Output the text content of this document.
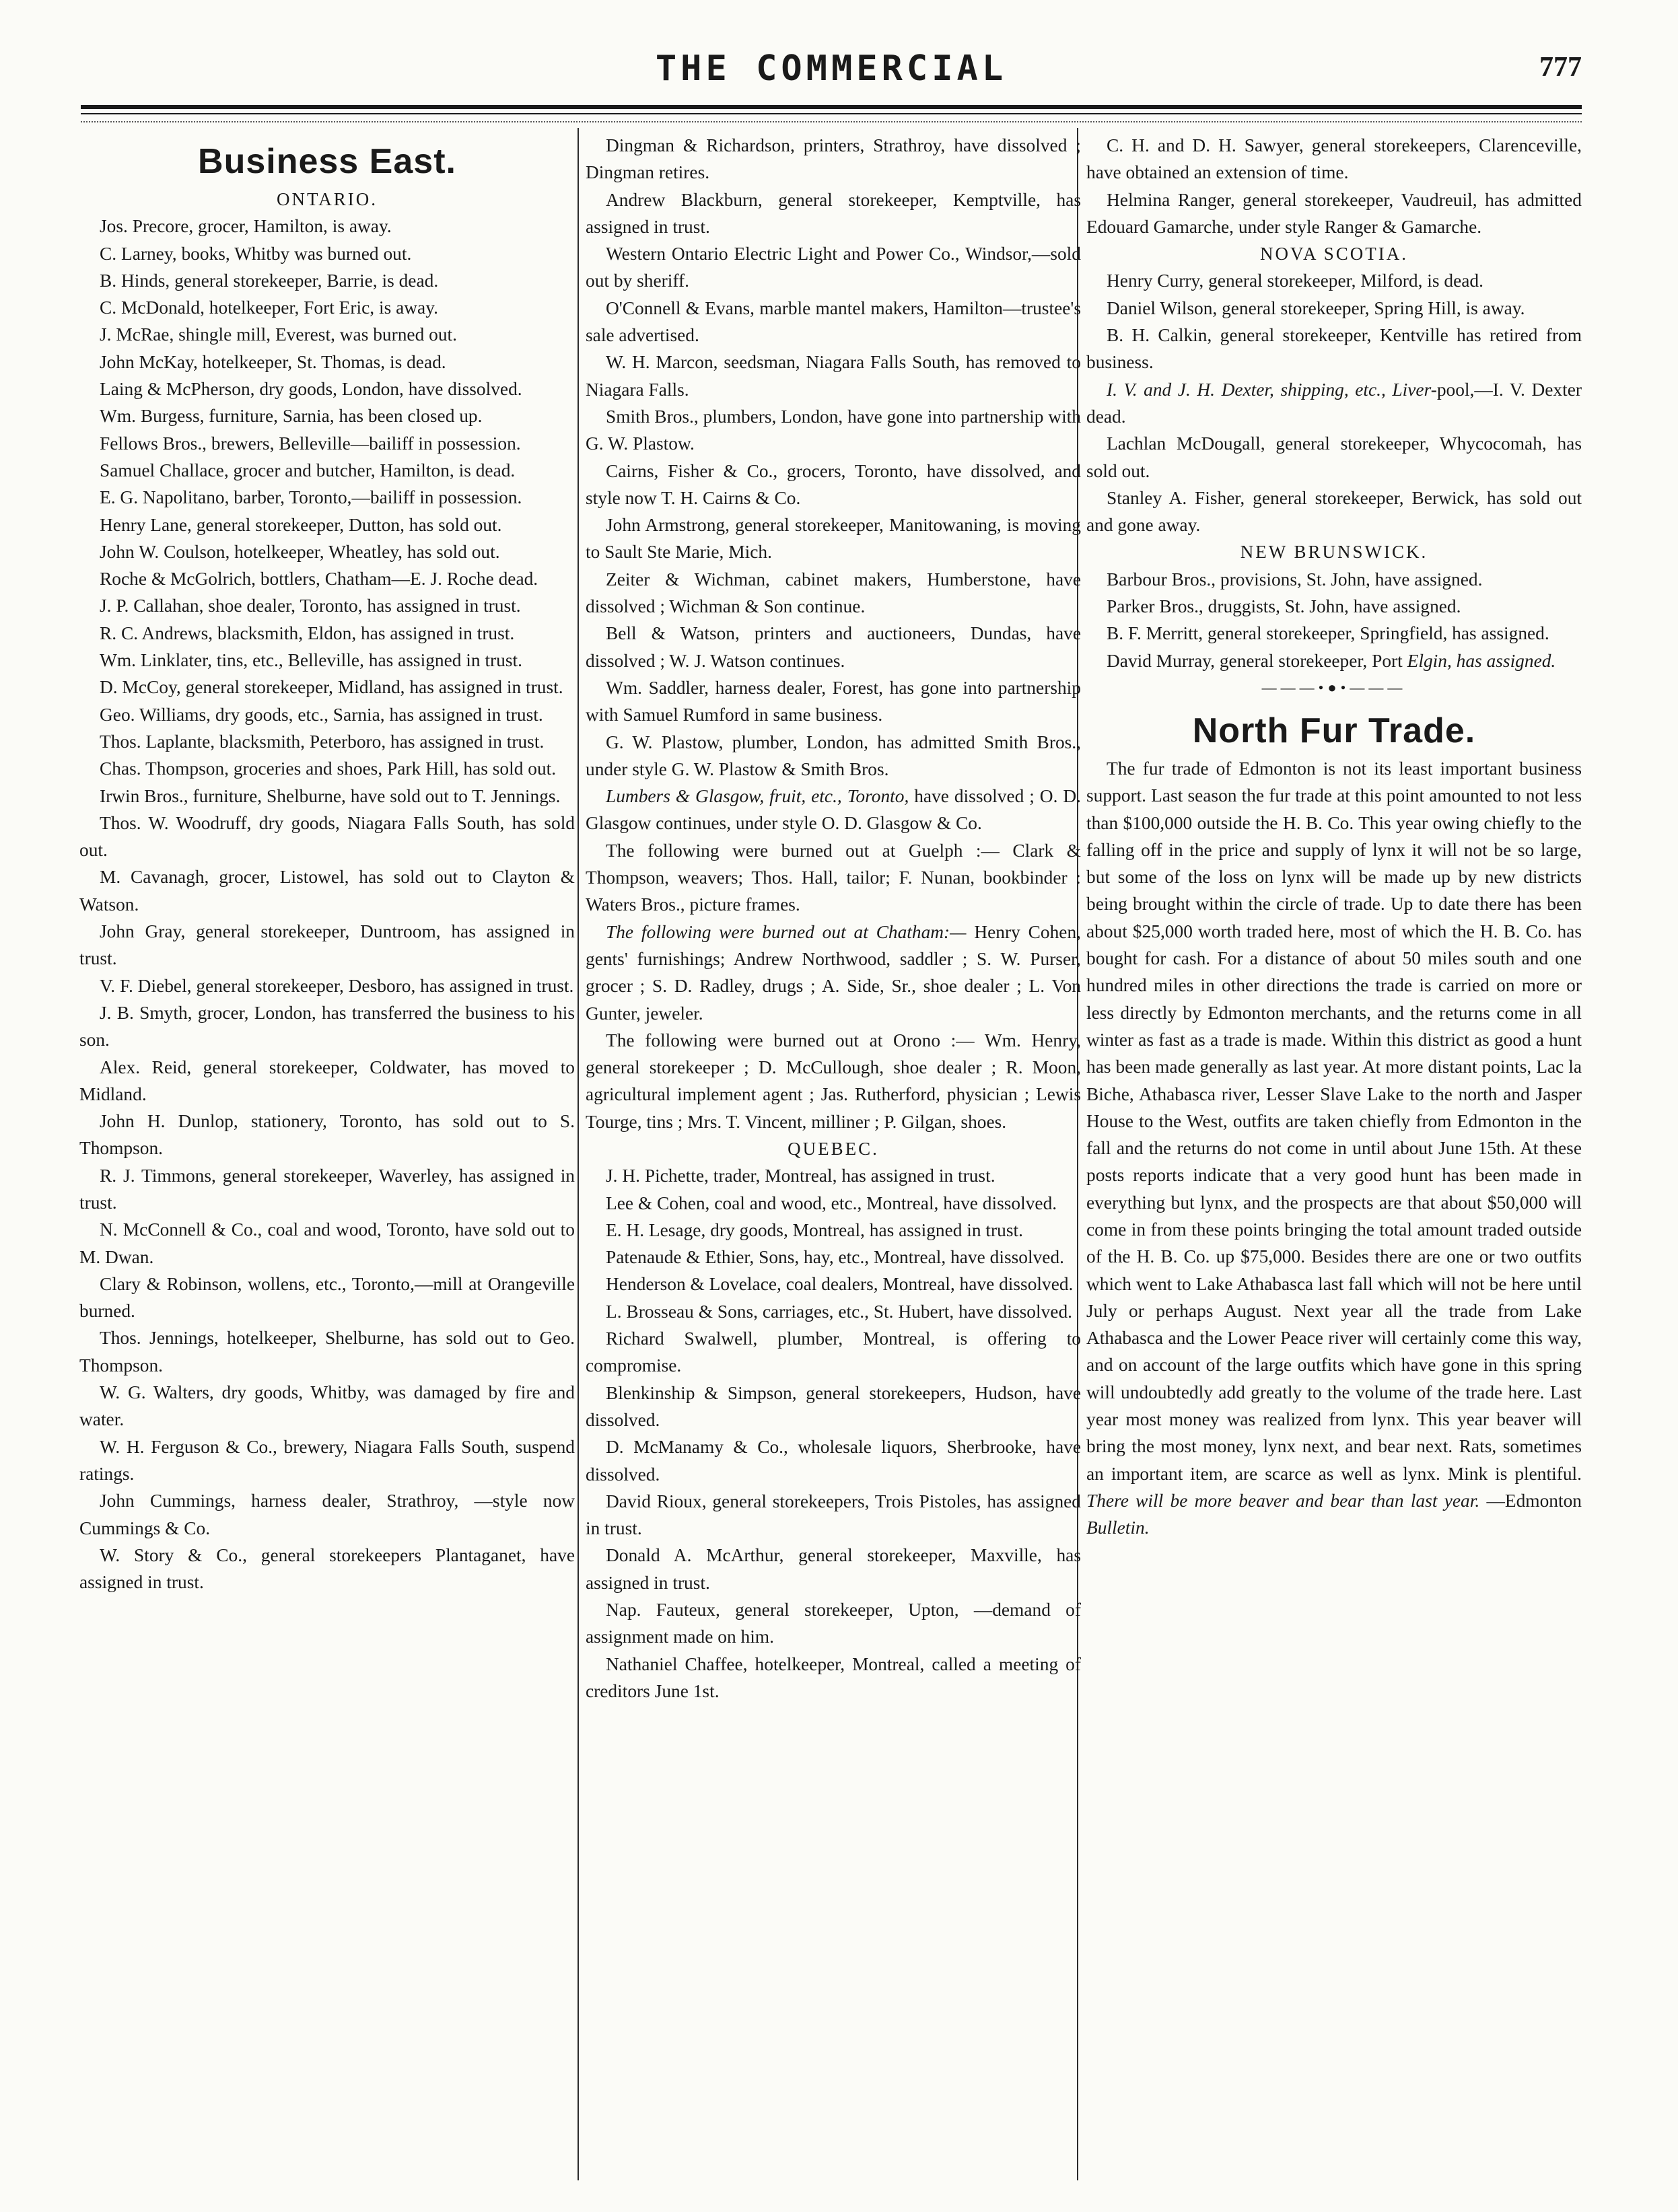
THE COMMERCIAL	777
Business East.
ONTARIO.

Jos. Precore, grocer, Hamilton, is away.

C. Larney, books, Whitby was burned out.

B. Hinds, general storekeeper, Barrie, is dead.

C. McDonald, hotelkeeper, Fort Eric, is away.

J. McRae, shingle mill, Everest, was burned out.

John McKay, hotelkeeper, St. Thomas, is dead.

Laing & McPherson, dry goods, London, have dissolved.

Wm. Burgess, furniture, Sarnia, has been closed up.

Fellows Bros., brewers, Belleville—bailiff in possession.

Samuel Challace, grocer and butcher, Hamilton, is dead.

E. G. Napolitano, barber, Toronto,—bailiff in possession.

Henry Lane, general storekeeper, Dutton, has sold out.

John W. Coulson, hotelkeeper, Wheatley, has sold out.

Roche & McGolrich, bottlers, Chatham—E. J. Roche dead.

J. P. Callahan, shoe dealer, Toronto, has assigned in trust.

R. C. Andrews, blacksmith, Eldon, has assigned in trust.

Wm. Linklater, tins, etc., Belleville, has assigned in trust.

D. McCoy, general storekeeper, Midland, has assigned in trust.

Geo. Williams, dry goods, etc., Sarnia, has assigned in trust.

Thos. Laplante, blacksmith, Peterboro, has assigned in trust.

Chas. Thompson, groceries and shoes, Park Hill, has sold out.

Irwin Bros., furniture, Shelburne, have sold out to T. Jennings.

Thos. W. Woodruff, dry goods, Niagara Falls South, has sold out.

M. Cavanagh, grocer, Listowel, has sold out to Clayton & Watson.

John Gray, general storekeeper, Duntroom, has assigned in trust.

V. F. Diebel, general storekeeper, Desboro, has assigned in trust.

J. B. Smyth, grocer, London, has transferred the business to his son.

Alex. Reid, general storekeeper, Coldwater, has moved to Midland.

John H. Dunlop, stationery, Toronto, has sold out to S. Thompson.

R. J. Timmons, general storekeeper, Waverley, has assigned in trust.

N. McConnell & Co., coal and wood, Toronto, have sold out to M. Dwan.

Clary & Robinson, wollens, etc., Toronto,—mill at Orangeville burned.

Thos. Jennings, hotelkeeper, Shelburne, has sold out to Geo. Thompson.

W. G. Walters, dry goods, Whitby, was damaged by fire and water.

W. H. Ferguson & Co., brewery, Niagara Falls South, suspend ratings.

John Cummings, harness dealer, Strathroy, —style now Cummings & Co.

W. Story & Co., general storekeepers Plantaganet, have assigned in trust.

Dingman & Richardson, printers, Strathroy, have dissolved ; Dingman retires.

Andrew Blackburn, general storekeeper, Kemptville, has assigned in trust.

Western Ontario Electric Light and Power Co., Windsor,—sold out by sheriff.

O'Connell & Evans, marble mantel makers, Hamilton—trustee's sale advertised.

W. H. Marcon, seedsman, Niagara Falls South, has removed to Niagara Falls.

Smith Bros., plumbers, London, have gone into partnership with G. W. Plastow.

Cairns, Fisher & Co., grocers, Toronto, have dissolved, and style now T. H. Cairns & Co.

John Armstrong, general storekeeper, Manitowaning, is moving to Sault Ste Marie, Mich.

Zeiter & Wichman, cabinet makers, Humberstone, have dissolved ; Wichman & Son continue.

Bell & Watson, printers and auctioneers, Dundas, have dissolved ; W. J. Watson continues.

Wm. Saddler, harness dealer, Forest, has gone into partnership with Samuel Rumford in same business.

G. W. Plastow, plumber, London, has admitted Smith Bros., under style G. W. Plastow & Smith Bros.

Lumbers & Glasgow, fruit, etc., Toronto, have dissolved ; O. D. Glasgow continues, under style O. D. Glasgow & Co.

The following were burned out at Guelph :— Clark & Thompson, weavers; Thos. Hall, tailor; F. Nunan, bookbinder : Waters Bros., picture frames.

The following were burned out at Chatham:— Henry Cohen, gents' furnishings; Andrew Northwood, saddler ; S. W. Purser, grocer ; S. D. Radley, drugs ; A. Side, Sr., shoe dealer ; L. Von Gunter, jeweler.

The following were burned out at Orono :— Wm. Henry, general storekeeper ; D. McCullough, shoe dealer ; R. Moon, agricultural implement agent ; Jas. Rutherford, physician ; Lewis Tourge, tins ; Mrs. T. Vincent, milliner ; P. Gilgan, shoes.

QUEBEC.

J. H. Pichette, trader, Montreal, has assigned in trust.

Lee & Cohen, coal and wood, etc., Montreal, have dissolved.

E. H. Lesage, dry goods, Montreal, has assigned in trust.

Patenaude & Ethier, Sons, hay, etc., Montreal, have dissolved.

Henderson & Lovelace, coal dealers, Montreal, have dissolved.

L. Brosseau & Sons, carriages, etc., St. Hubert, have dissolved.

Richard Swalwell, plumber, Montreal, is offering to compromise.

Blenkinship & Simpson, general storekeepers, Hudson, have dissolved.

D. McManamy & Co., wholesale liquors, Sherbrooke, have dissolved.

David Rioux, general storekeepers, Trois Pistoles, has assigned in trust.

Donald A. McArthur, general storekeeper, Maxville, has assigned in trust.

Nap. Fauteux, general storekeeper, Upton, —demand of assignment made on him.

Nathaniel Chaffee, hotelkeeper, Montreal, called a meeting of creditors June 1st.

C. H. and D. H. Sawyer, general storekeepers, Clarenceville, have obtained an extension of time.

Helmina Ranger, general storekeeper, Vaudreuil, has admitted Edouard Gamarche, under style Ranger & Gamarche.

NOVA SCOTIA.

Henry Curry, general storekeeper, Milford, is dead.

Daniel Wilson, general storekeeper, Spring Hill, is away.

B. H. Calkin, general storekeeper, Kentville has retired from business.

I. V. and J. H. Dexter, shipping, etc., Liver-pool,—I. V. Dexter dead.

Lachlan McDougall, general storekeeper, Whycocomah, has sold out.

Stanley A. Fisher, general storekeeper, Berwick, has sold out and gone away.

NEW BRUNSWICK.

Barbour Bros., provisions, St. John, have assigned.

Parker Bros., druggists, St. John, have assigned.

B. F. Merritt, general storekeeper, Springfield, has assigned.

David Murray, general storekeeper, Port Elgin, has assigned.

———•●•———
North Fur Trade.

The fur trade of Edmonton is not its least important business support. Last season the fur trade at this point amounted to not less than $100,000 outside the H. B. Co. This year owing chiefly to the falling off in the price and supply of lynx it will not be so large, but some of the loss on lynx will be made up by new districts being brought within the circle of trade. Up to date there has been about $25,000 worth traded here, most of which the H. B. Co. has bought for cash. For a distance of about 50 miles south and one hundred miles in other directions the trade is carried on more or less directly by Edmonton merchants, and the returns come in all winter as fast as a trade is made. Within this district as good a hunt has been made generally as last year. At more distant points, Lac la Biche, Athabasca river, Lesser Slave Lake to the north and Jasper House to the West, outfits are taken chiefly from Edmonton in the fall and the returns do not come in until about June 15th. At these posts reports indicate that a very good hunt has been made in everything but lynx, and the prospects are that about $50,000 will come in from these points bringing the total amount traded outside of the H. B. Co. up $75,000. Besides there are one or two outfits which went to Lake Athabasca last fall which will not be here until July or perhaps August. Next year all the trade from Lake Athabasca and the Lower Peace river will certainly come this way, and on account of the large outfits which have gone in this spring will undoubtedly add greatly to the volume of the trade here. Last year most money was realized from lynx. This year beaver will bring the most money, lynx next, and bear next. Rats, sometimes an important item, are scarce as well as lynx. Mink is plentiful. There will be more beaver and bear than last year. —Edmonton Bulletin.
